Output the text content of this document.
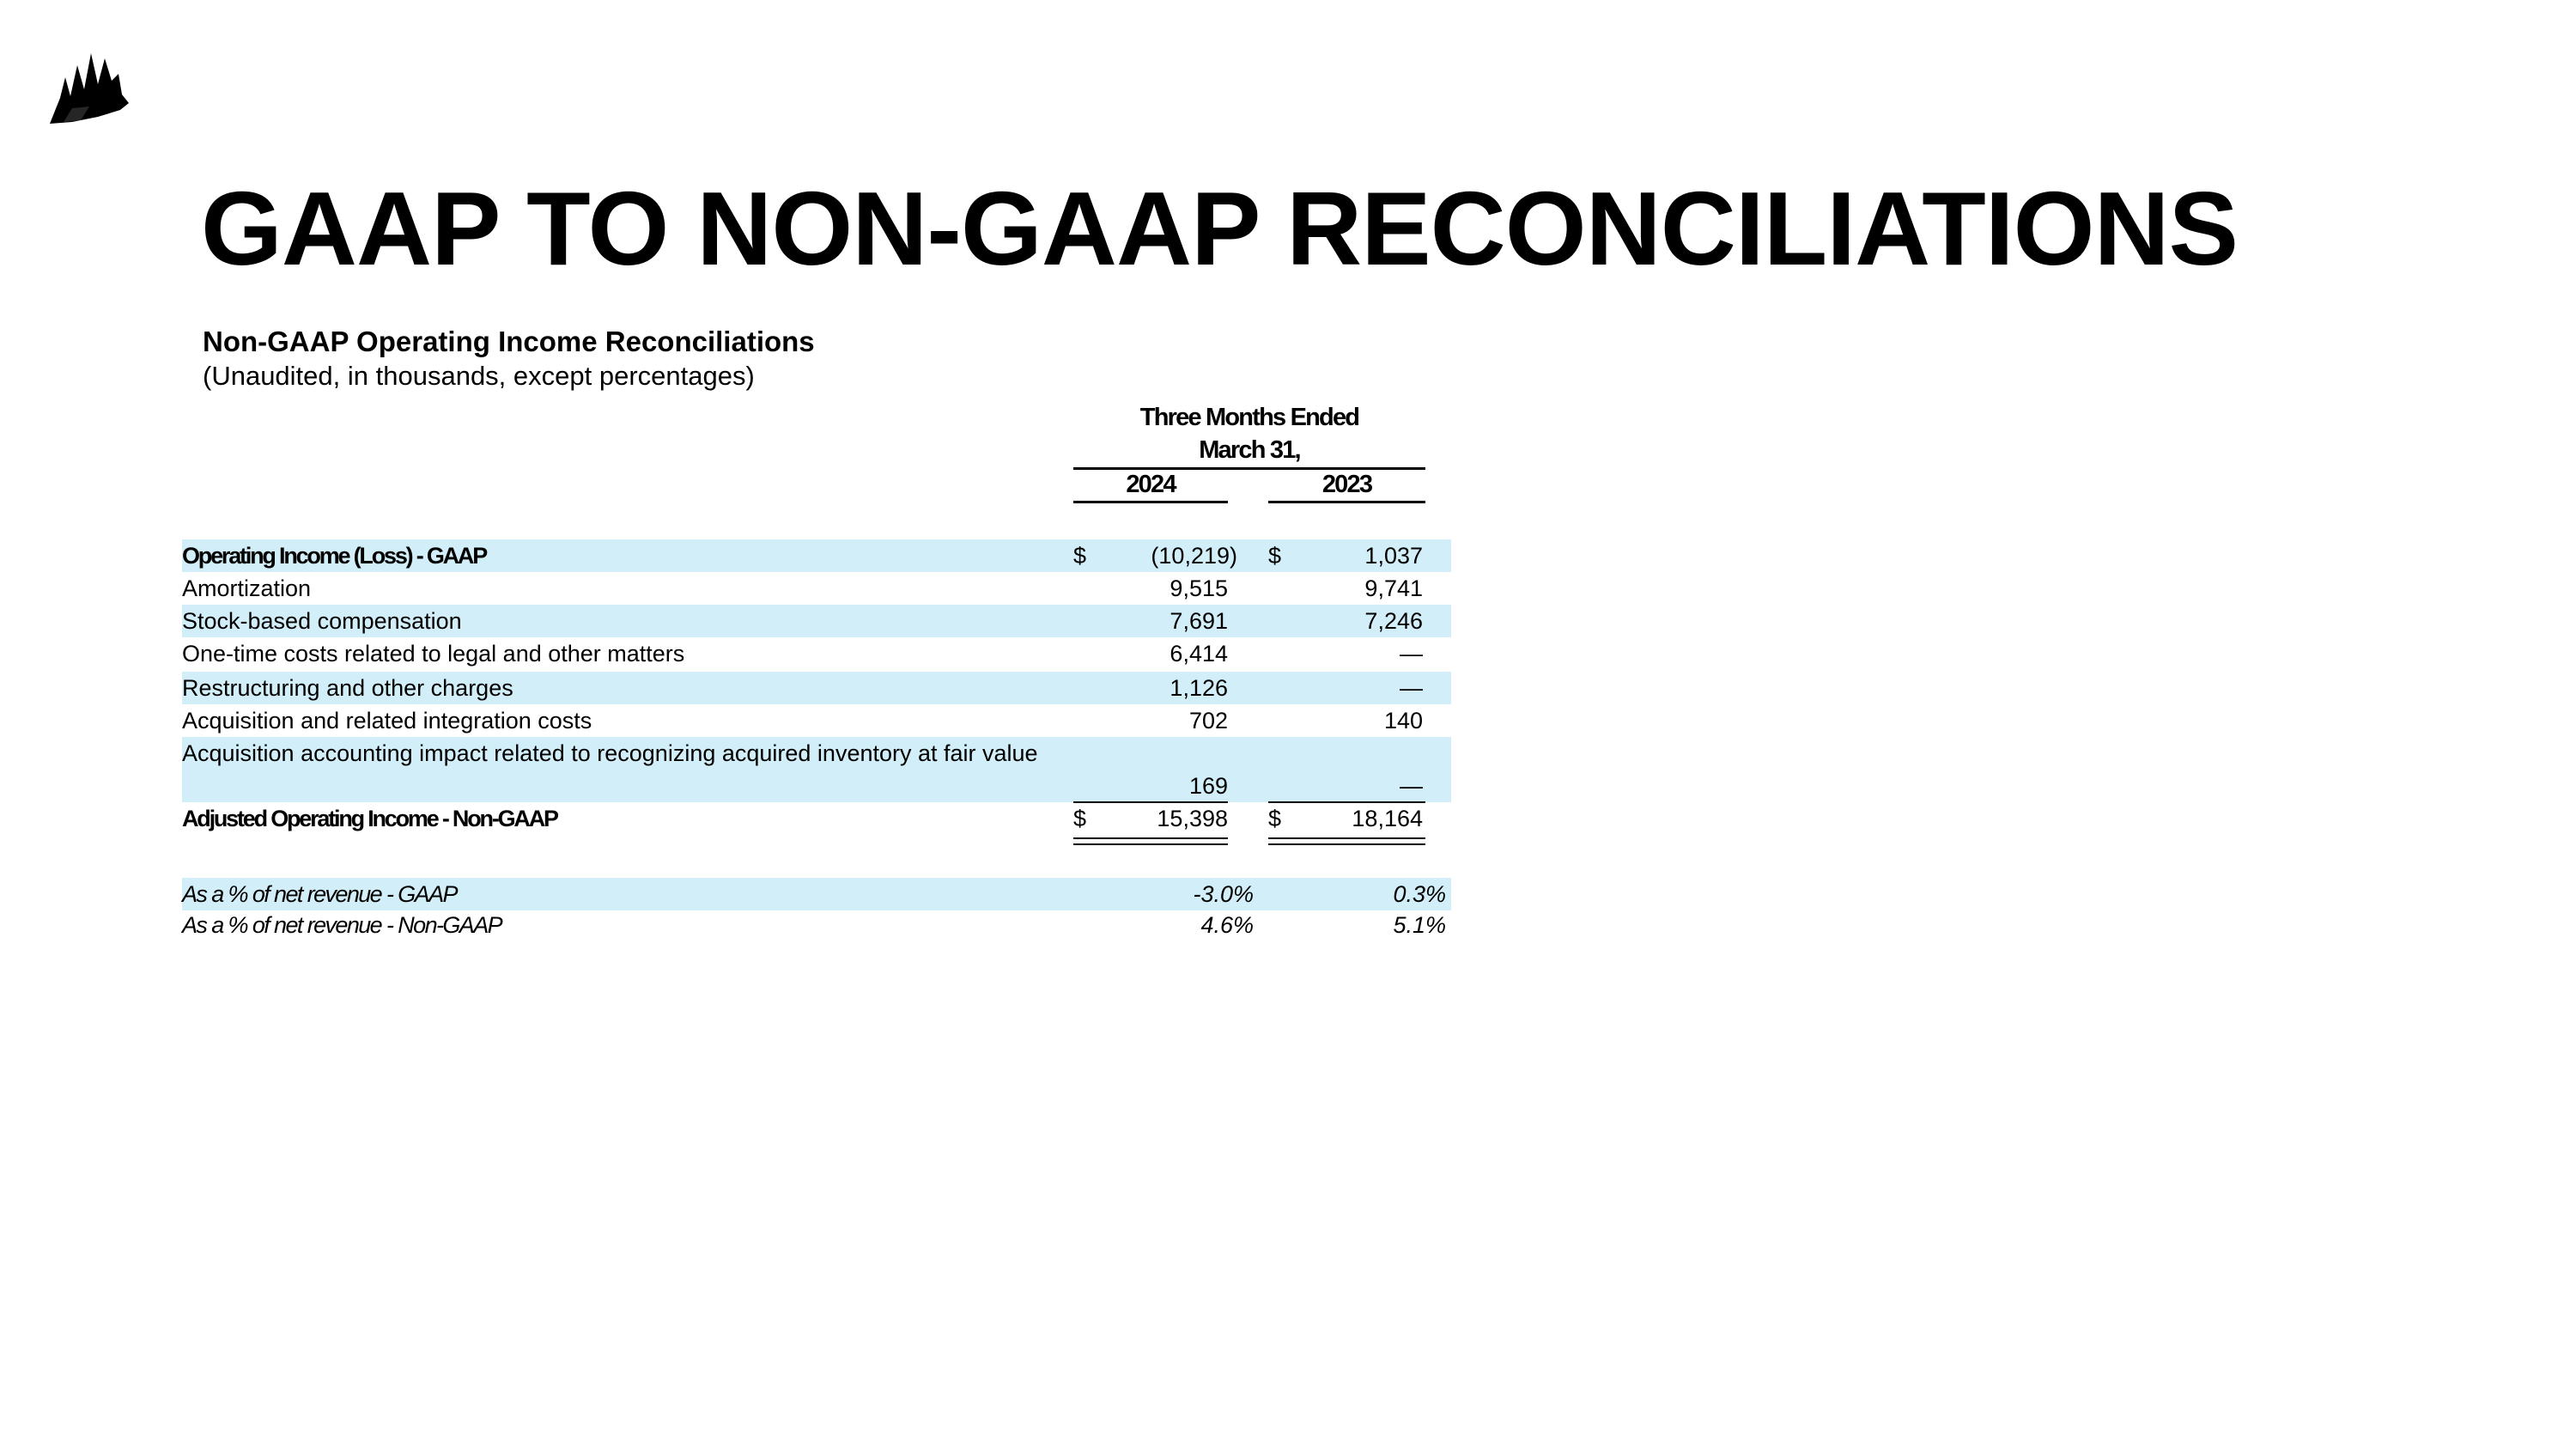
GAAP TO NON-GAAP RECONCILIATIONS
Non-GAAP Operating Income Reconciliations
(Unaudited, in thousands, except percentages)
Three Months Ended
March 31,
2024	2023
Operating Income (Loss) - GAAP	$	(10,219) $	1,037
Amortization	9,515	9,741
Stock-based compensation	7,691	7,246
One-time costs related to legal and other matters	6,414	—
Restructuring and other charges	1,126	—
Acquisition and related integration costs	702	140
Acquisition accounting impact related to recognizing acquired inventory at fair value
169	—
Adjusted Operating Income - Non-GAAP	$	15,398 $	18,164
As a % of net revenue - GAAP	-3.0%	0.3%
As a % of net revenue - Non-GAAP	4.6%	5.1%
